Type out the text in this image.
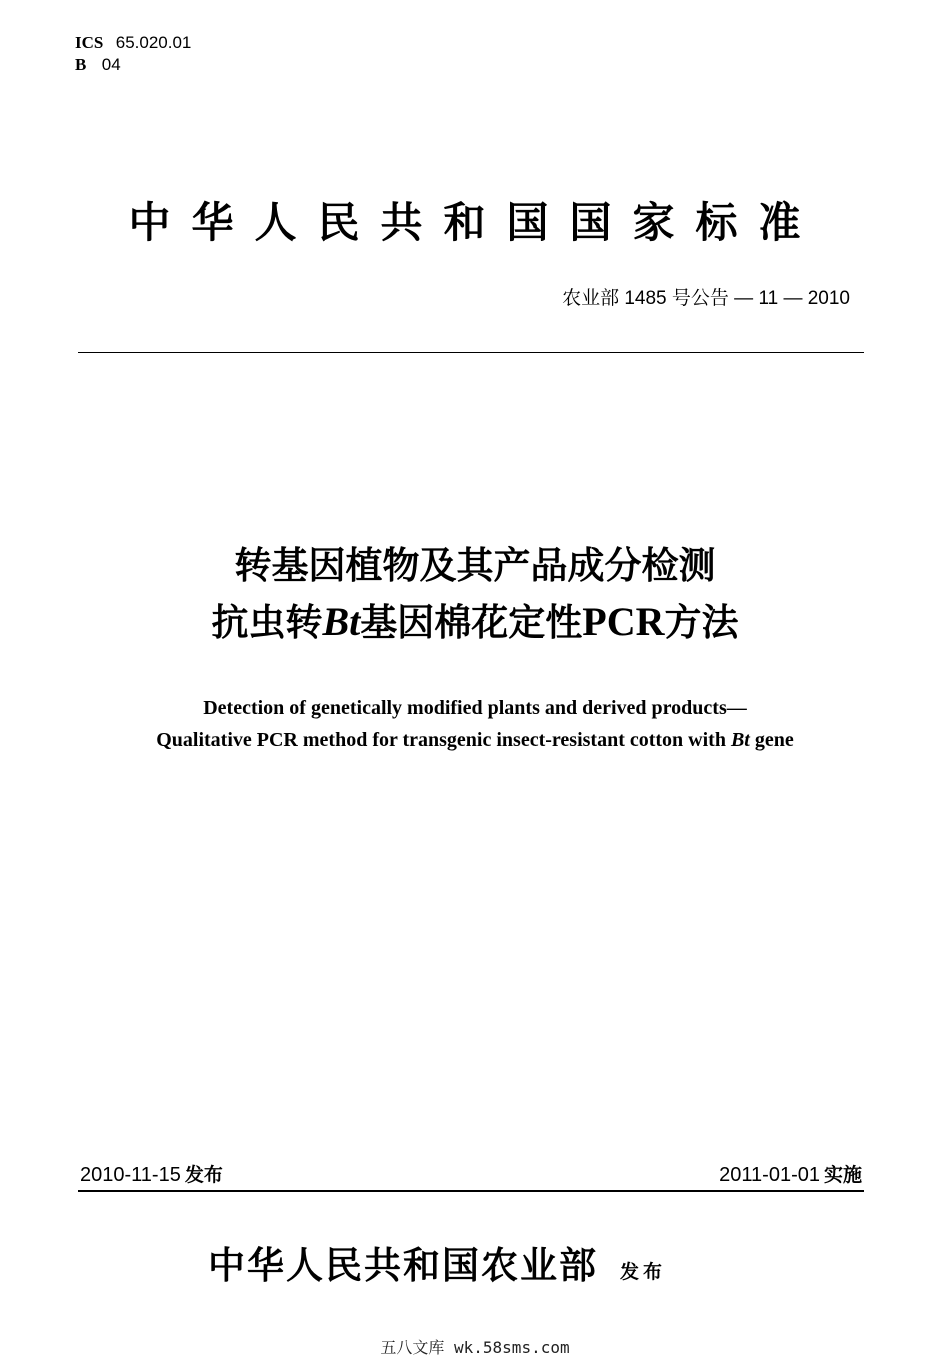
ICS 65.020.01
B 04
中华人民共和国国家标准
农业部 1485 号公告 — 11 — 2010
转基因植物及其产品成分检测
抗虫转Bt基因棉花定性PCR方法
Detection of genetically modified plants and derived products—
Qualitative PCR method for transgenic insect-resistant cotton with Bt gene
2010-11-15 发布	2011-01-01 实施
中华人民共和国农业部 发布
五八文库 wk.58sms.com
